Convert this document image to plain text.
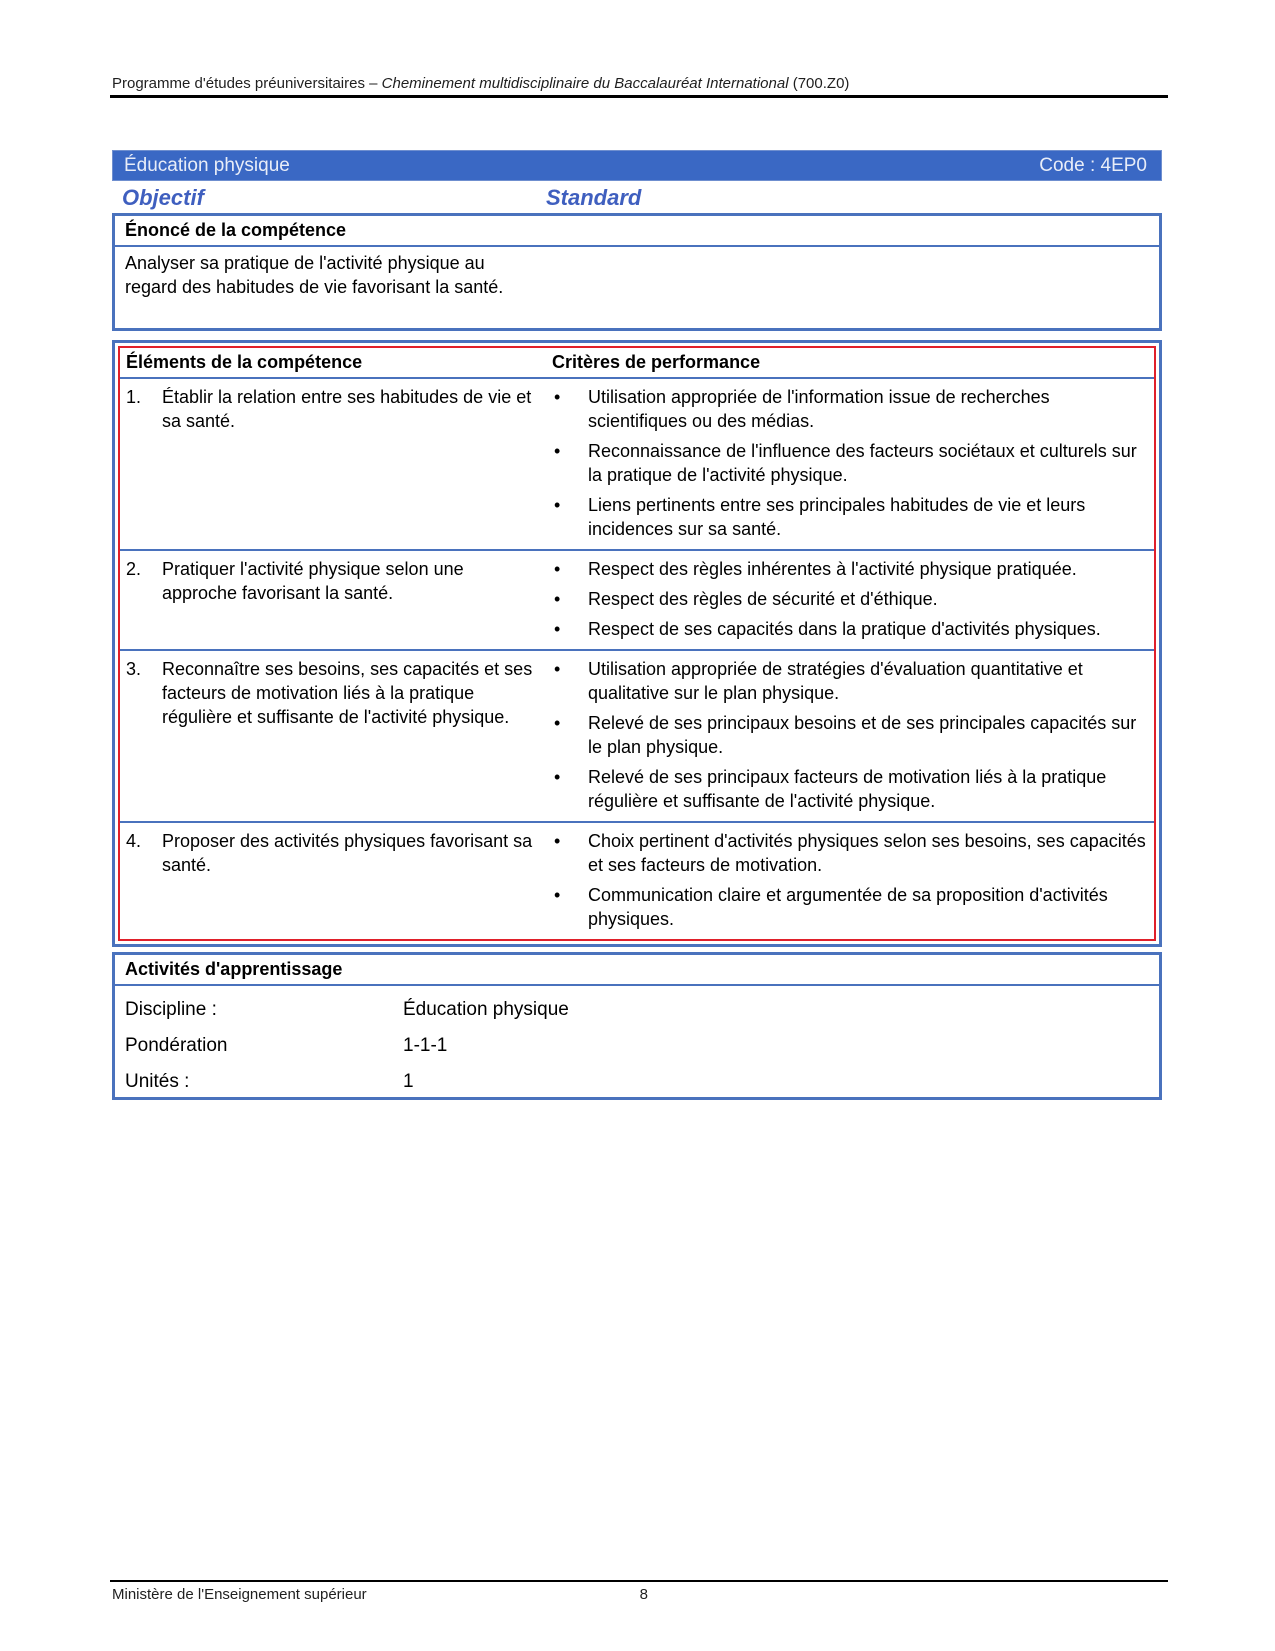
Programme d'études préuniversitaires – Cheminement multidisciplinaire du Baccalauréat International (700.Z0)
Éducation physique	Code : 4EP0
Objectif	Standard
Énoncé de la compétence
Analyser sa pratique de l'activité physique au regard des habitudes de vie favorisant la santé.
Éléments de la compétence	Critères de performance
1.	Établir la relation entre ses habitudes de vie et sa santé.
• Utilisation appropriée de l'information issue de recherches scientifiques ou des médias.
• Reconnaissance de l'influence des facteurs sociétaux et culturels sur la pratique de l'activité physique.
• Liens pertinents entre ses principales habitudes de vie et leurs incidences sur sa santé.
2.	Pratiquer l'activité physique selon une approche favorisant la santé.
• Respect des règles inhérentes à l'activité physique pratiquée.
• Respect des règles de sécurité et d'éthique.
• Respect de ses capacités dans la pratique d'activités physiques.
3.	Reconnaître ses besoins, ses capacités et ses facteurs de motivation liés à la pratique régulière et suffisante de l'activité physique.
• Utilisation appropriée de stratégies d'évaluation quantitative et qualitative sur le plan physique.
• Relevé de ses principaux besoins et de ses principales capacités sur le plan physique.
• Relevé de ses principaux facteurs de motivation liés à la pratique régulière et suffisante de l'activité physique.
4.	Proposer des activités physiques favorisant sa santé.
• Choix pertinent d'activités physiques selon ses besoins, ses capacités et ses facteurs de motivation.
• Communication claire et argumentée de sa proposition d'activités physiques.
Activités d'apprentissage
Discipline :	Éducation physique
Pondération	1-1-1
Unités :	1
Ministère de l'Enseignement supérieur	8
